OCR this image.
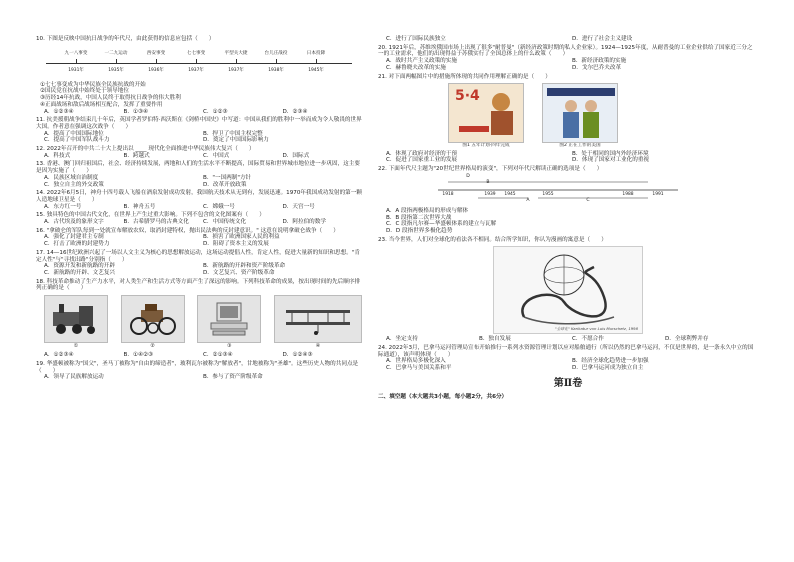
10. 下图是反映中国抗日战争的年代尺，由此获得的信息应包括（　　）
九一八事变	一二九运动	西安事变	七七事变	平型关大捷	台儿庄战役	日本投降
1931年	1935年	1936年	1937年	1937年	1938年	1945年
①七七事变成为中华民族全民族抗战的开始
②国民党在抗战中始终处于领导地位
③历经14年抗战，中国人民终于取得抗日战争的伟大胜利
④正面战场和敌后战场相互配合，发挥了重要作用
A．①②③④	B．①③④	C．①②③	D．②③④
11. 抗美援朝战争结束几十年后，英国学者罗伯特·西沃斯在《剑桥中国史》中写道：中国从我们的胜利中一举而成为令人敬畏的世界大国。作者意在强调这次战争（　　）
A．提高了中国国际地位	B．捍卫了中国主权完整
C．提高了中国军队战斗力	D．奠定了中国国际影响力
12. 2022年召开的中共二十大上提出以 ____ 现代化全面推进中华民族伟大复兴（　　）
A．科技式	B．跨越式	C．中国式	D．国际式
13. 香港、澳门回归祖国后，社会、经济持续发展，两地和人们的生活水平不断提高，国际贸易和世界城市地位进一步巩固，这主要是因为实施了（　　）
A．民族区域自治制度	B．"一国两制"方针
C．独立自主的外交政策	D．改革开放政策
14. 2022年6月5日，神舟十四号载人飞船在酒泉发射成功发射，我国航天技术从无到有，发展迅速。1970年我国成功发射的第一颗人造地球卫星是（　　）
A．东方红一号	B．神舟五号	C．嫦娥一号	D．天宫一号
15. 独具特色的中国古代文化，在世界上产生过重大影响。下列不包含的文化图案有（　　）
A．古代埃及的象形文字	B．古希腊罗马的古典文化	C．中国传统文化	D．阿拉伯的数学
16. "拿破仑的军队每到一处就宣布解放农奴，取消封建特权，抛出民法典的反封建意识。" 这意在说明拿破仑战争（　　）
A．强化了封建君主专制	B．损害了欧洲国家人民的利益
C．打击了欧洲的封建势力	D．阻碍了资本主义的发展
17. 14—16世纪欧洲兴起了一场以人文主义为核心的思想解放运动，这场运动提倡人性，肯定人性，促进大量新的知识和思想。"肯定人性"与"寻找出路"分别指（　　）
A．资源开发和新航路的开辟	B．新航路的开辟和资产阶级革命
C．新航路的开辟、文艺复兴	D．文艺复兴、资产阶级革命
18. 科技革命推动了生产力水平，对人类生产和生活方式等方面产生了深远的影响。下列科技革命的成果，按出现时间的先后顺序排列正确的是（　　）
①	②	③	④
A．①②③④	B．①④②③	C．②①③④	D．①②④③
19. 华盛顿被称为"国父"，圣马丁被称为"自由的缔造者"，玻利瓦尔被称为"解放者"，甘地被称为"圣雄"。这些历史人物的共同点是（　　）
A．领导了民族解放运动	B．参与了资产阶级革命
C．进行了国际民族独立	D．进行了社会主义建设
20. 1921年后，苏维埃俄国市场上出现了很多"耐普曼"（新经济政策时期的私人企业家）。1924—1925年度，从耐普曼的工业企业供给了国家近三分之一的工业需求，他们的出现得益于苏俄实行了全国总体上的什么政策（　　）
A．战时共产主义政策的实施	B．新经济政策的实施
C．赫鲁晓夫改革的实施	D．戈尔巴乔夫改革
21. 对下面两幅图片中的措施所体现的共同作用理解正确的是（　　）
5·4
图1 五年计划·四年完成	图2 正在工作的美国
A．体现了政府对经济的干预	B．处于相同的国内外经济环境
C．促进了国家重工业的发展	D．体现了国家对工业化的重视
22. 下面年代尺主题为"20世纪世界格局的演变"，下列对年代尺解读正确的选项是（　　）
D
B
A	C
1918	1939 1945	1955	1988	1991
A．A 段指两极格局的形成与解体
B．B 段指第二次世界大战
C．C 段指凡尔赛—华盛顿体系的建立与瓦解
D．D 段指世界多极化趋势
23. 当今世界，人们对全球化的看法各不相同。结合所学知识，你认为漫画的寓意是（　　）
"全球化" Karikatur von Luis Murschetz, 1998
A．坐定支持	B．独自发展	C．不愿合作	D．全球利弊并存
24. 2022年3月，巴拿马运河管理局宣布开始推行一系列水资源管理计划以应对船舶通行（所以仍然的巴拿马运河，不仅是世界的，是一条永久中立的国际通道），该声明体现（　　）
A．世界格局多极化深入	B．经济全球化趋势进一步加强
C．巴拿马与美国关系和平	D．巴拿马运河成为独立自主
第Ⅱ卷
二、填空题（本大题共3小题，每小题2分，共6分）
